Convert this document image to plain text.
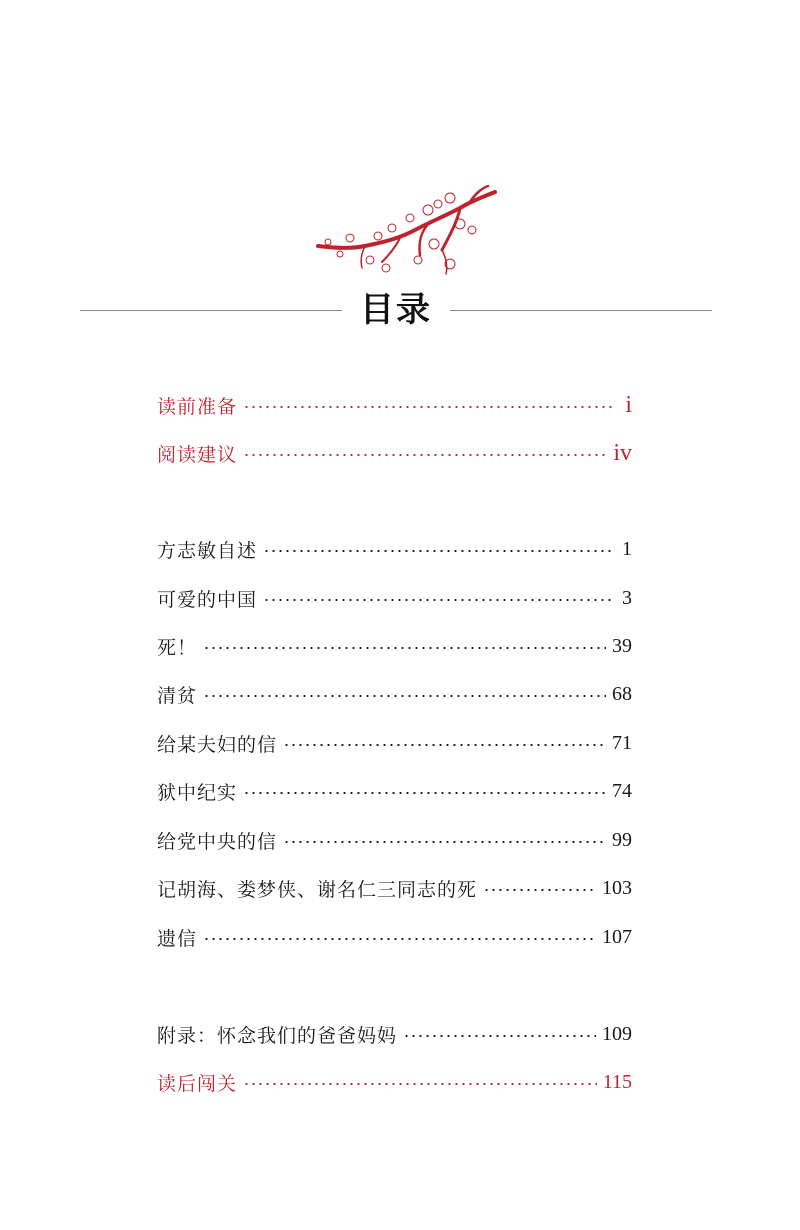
目录
读前准备	i
阅读建议	iv
方志敏自述	1
可爱的中国	3
死！	39
清贫	68
给某夫妇的信	71
狱中纪实	74
给党中央的信	99
记胡海、娄梦侠、谢名仁三同志的死	103
遗信	107
附录：怀念我们的爸爸妈妈	109
读后闯关	115
